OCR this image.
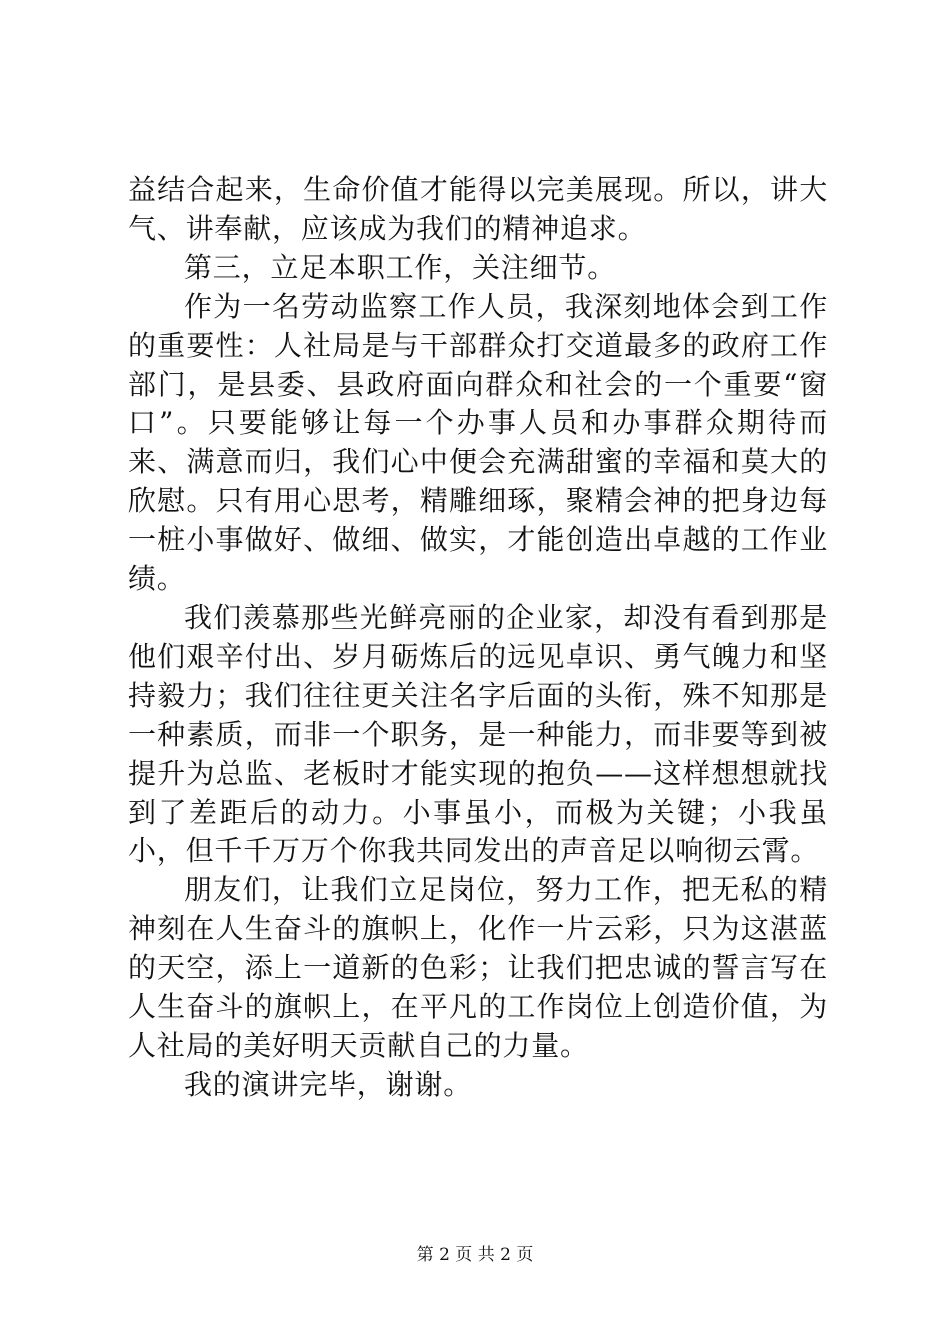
益结合起来，生命价值才能得以完美展现。所以，讲大气、讲奉献，应该成为我们的精神追求。

第三，立足本职工作，关注细节。

作为一名劳动监察工作人员，我深刻地体会到工作的重要性：人社局是与干部群众打交道最多的政府工作部门，是县委、县政府面向群众和社会的一个重要“窗口”。只要能够让每一个办事人员和办事群众期待而来、满意而归，我们心中便会充满甜蜜的幸福和莫大的欣慰。只有用心思考，精雕细琢，聚精会神的把身边每一桩小事做好、做细、做实，才能创造出卓越的工作业绩。

我们羡慕那些光鲜亮丽的企业家，却没有看到那是他们艰辛付出、岁月砺炼后的远见卓识、勇气魄力和坚持毅力；我们往往更关注名字后面的头衔，殊不知那是一种素质，而非一个职务，是一种能力，而非要等到被提升为总监、老板时才能实现的抱负——这样想想就找到了差距后的动力。小事虽小，而极为关键；小我虽小，但千千万万个你我共同发出的声音足以响彻云霄。

朋友们，让我们立足岗位，努力工作，把无私的精神刻在人生奋斗的旗帜上，化作一片云彩，只为这湛蓝的天空，添上一道新的色彩；让我们把忠诚的誓言写在人生奋斗的旗帜上，在平凡的工作岗位上创造价值，为人社局的美好明天贡献自己的力量。

我的演讲完毕，谢谢。

第 2 页 共 2 页
